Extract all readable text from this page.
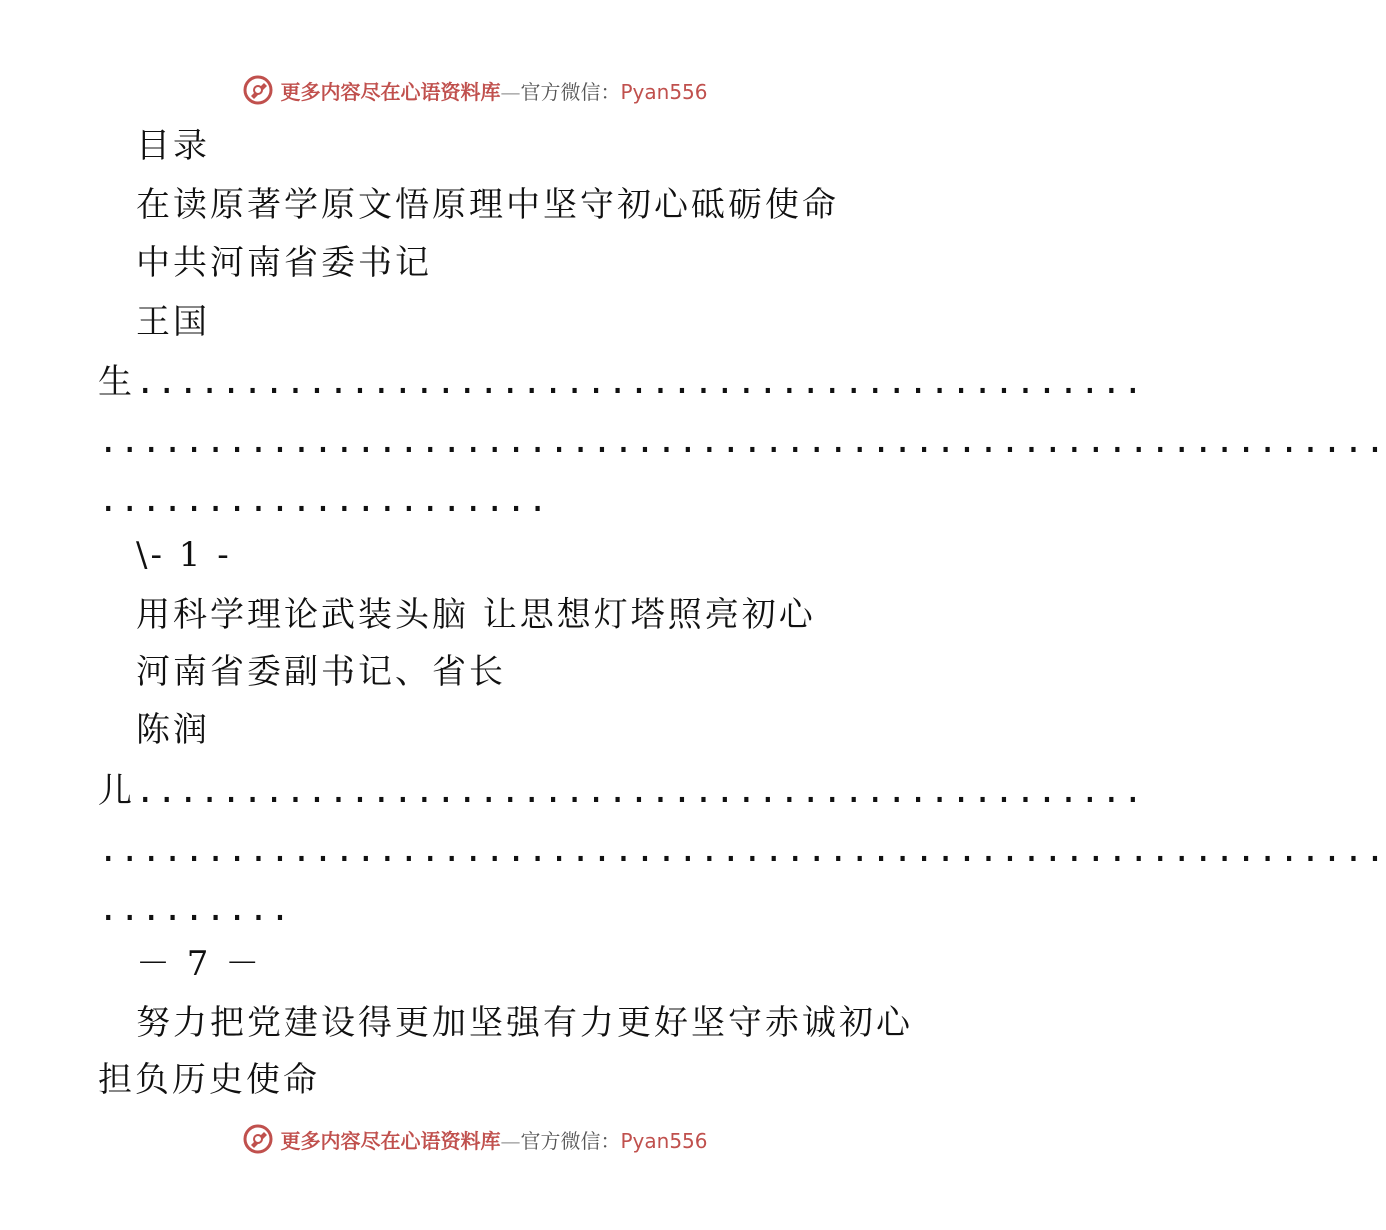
更多内容尽在心语资料库—官方微信：Pyan556
目录
在读原著学原文悟原理中坚守初心砥砺使命
中共河南省委书记
王国
生...............................................
............................................................
.....................
\- 1 -
用科学理论武装头脑 让思想灯塔照亮初心
河南省委副书记、省长
陈润
儿...............................................
............................................................
.........
－ 7 －
努力把党建设得更加坚强有力更好坚守赤诚初心
担负历史使命
更多内容尽在心语资料库—官方微信：Pyan556
